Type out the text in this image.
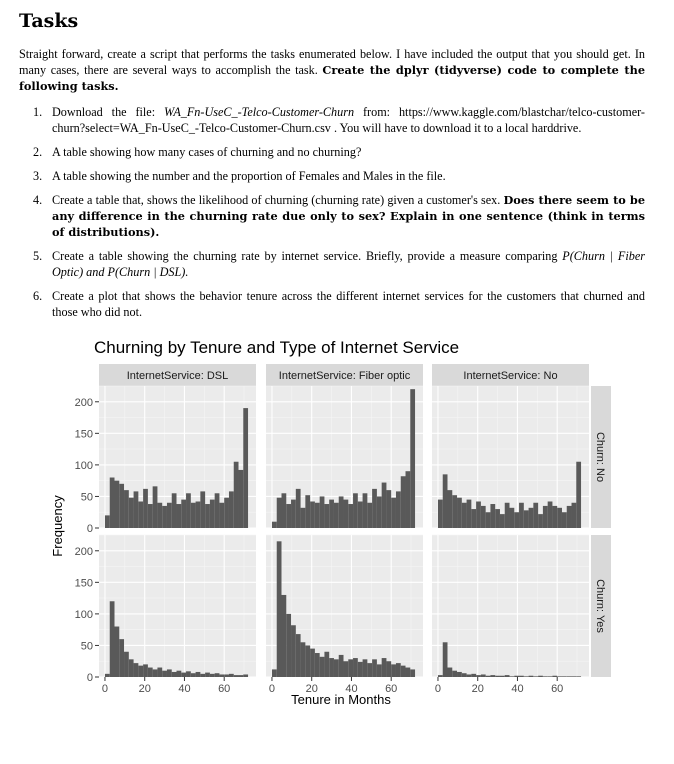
Tasks
Straight forward, create a script that performs the tasks enumerated below. I have included the output that you should get. In many cases, there are several ways to accomplish the task. Create the dplyr (tidyverse) code to complete the following tasks.
1. Download the file: WA_Fn-UseC_-Telco-Customer-Churn from: https://www.kaggle.com/blastchar/telco-customer-churn?select=WA_Fn-UseC_-Telco-Customer-Churn.csv . You will have to download it to a local harddrive.
2. A table showing how many cases of churning and no churning?
3. A table showing the number and the proportion of Females and Males in the file.
4. Create a table that, shows the likelihood of churning (churning rate) given a customer's sex. Does there seem to be any difference in the churning rate due only to sex? Explain in one sentence (think in terms of distributions).
5. Create a table showing the churning rate by internet service. Briefly, provide a measure comparing P(Churn | Fiber Optic) and P(Churn | DSL).
6. Create a plot that shows the behavior tenure across the different internet services for the customers that churned and those who did not.
Churning by Tenure and Type of Internet Service
Frequency
Tenure in Months
InternetService: DSL	InternetService: Fiber optic	InternetService: No
Churn: No
Churn: Yes
0
50
100
150
200
0
50
100
150
200
0	20 40 60	0	20 40 60	0	20 40 60
